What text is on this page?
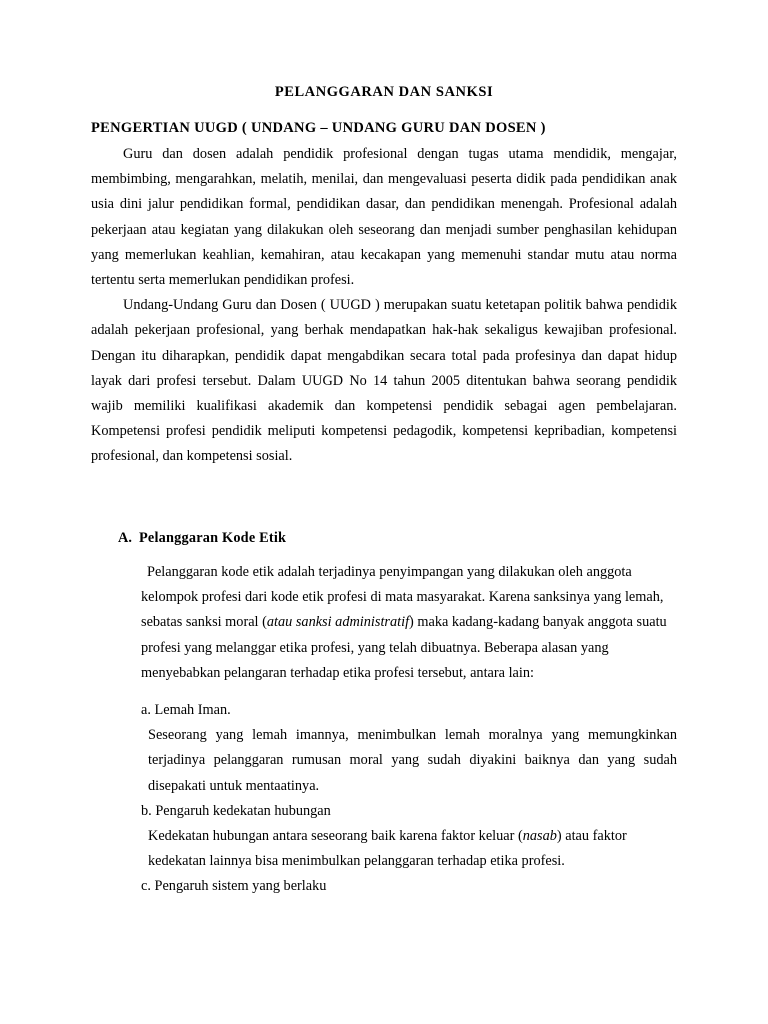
PELANGGARAN DAN SANKSI
PENGERTIAN UUGD ( UNDANG – UNDANG GURU DAN DOSEN )

Guru dan dosen adalah pendidik profesional dengan tugas utama mendidik, mengajar, membimbing, mengarahkan, melatih, menilai, dan mengevaluasi peserta didik pada pendidikan anak usia dini jalur pendidikan formal, pendidikan dasar, dan pendidikan menengah. Profesional adalah pekerjaan atau kegiatan yang dilakukan oleh seseorang dan menjadi sumber penghasilan kehidupan yang memerlukan keahlian, kemahiran, atau kecakapan yang memenuhi standar mutu atau norma tertentu serta memerlukan pendidikan profesi.

Undang-Undang Guru dan Dosen ( UUGD ) merupakan suatu ketetapan politik bahwa pendidik adalah pekerjaan profesional, yang berhak mendapatkan hak-hak sekaligus kewajiban profesional. Dengan itu diharapkan, pendidik dapat mengabdikan secara total pada profesinya dan dapat hidup layak dari profesi tersebut. Dalam UUGD No 14 tahun 2005 ditentukan bahwa seorang pendidik wajib memiliki kualifikasi akademik dan kompetensi pendidik sebagai agen pembelajaran. Kompetensi profesi pendidik meliputi kompetensi pedagodik, kompetensi kepribadian, kompetensi profesional, dan kompetensi sosial.

A. Pelanggaran Kode Etik

Pelanggaran kode etik adalah terjadinya penyimpangan yang dilakukan oleh anggota kelompok profesi dari kode etik profesi di mata masyarakat. Karena sanksinya yang lemah, sebatas sanksi moral (atau sanksi administratif) maka kadang-kadang banyak anggota suatu profesi yang melanggar etika profesi, yang telah dibuatnya. Beberapa alasan yang menyebabkan pelangaran terhadap etika profesi tersebut, antara lain:

a. Lemah Iman.

Seseorang yang lemah imannya, menimbulkan lemah moralnya yang memungkinkan terjadinya pelanggaran rumusan moral yang sudah diyakini baiknya dan yang sudah disepakati untuk mentaatinya.

b. Pengaruh kedekatan hubungan

Kedekatan hubungan antara seseorang baik karena faktor keluar (nasab) atau faktor kedekatan lainnya bisa menimbulkan pelanggaran terhadap etika profesi.

c. Pengaruh sistem yang berlaku
